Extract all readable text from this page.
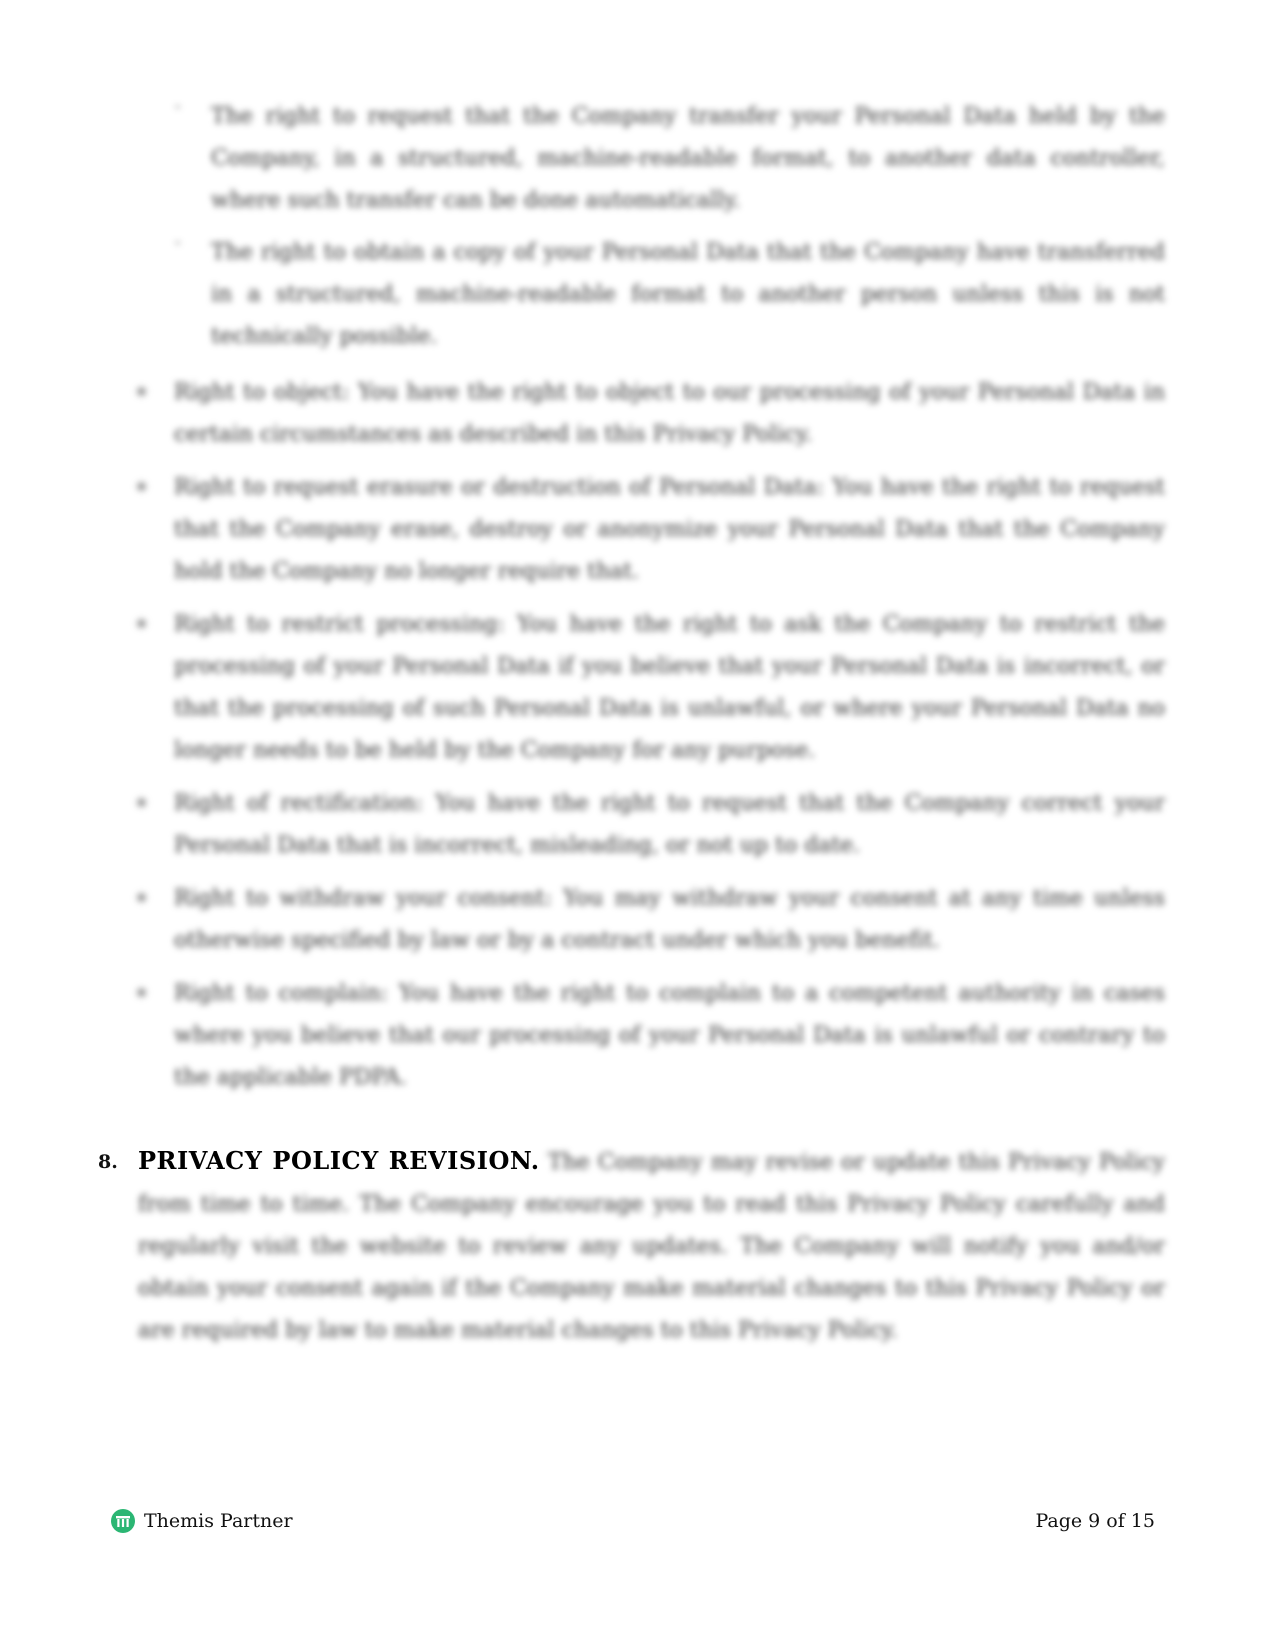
- The right to request that the Company transfer your Personal Data held by the Company, in a structured, machine-readable format, to another data controller, where such transfer can be done automatically.

- The right to obtain a copy of your Personal Data that the Company have transferred in a structured, machine-readable format to another person unless this is not technically possible.

Right to object: You have the right to object to our processing of your Personal Data in certain circumstances as described in this Privacy Policy.

Right to request erasure or destruction of Personal Data: You have the right to request that the Company erase, destroy or anonymize your Personal Data that the Company hold the Company no longer require that.

Right to restrict processing: You have the right to ask the Company to restrict the processing of your Personal Data if you believe that your Personal Data is incorrect, or that the processing of such Personal Data is unlawful, or where your Personal Data no longer needs to be held by the Company for any purpose.

Right of rectification: You have the right to request that the Company correct your Personal Data that is incorrect, misleading, or not up to date.

Right to withdraw your consent: You may withdraw your consent at any time unless otherwise specified by law or by a contract under which you benefit.

Right to complain: You have the right to complain to a competent authority in cases where you believe that our processing of your Personal Data is unlawful or contrary to the applicable PDPA.

8. PRIVACY POLICY REVISION. The Company may revise or update this Privacy Policy from time to time. The Company encourage you to read this Privacy Policy carefully and regularly visit the website to review any updates. The Company will notify you and/or obtain your consent again if the Company make material changes to this Privacy Policy or are required by law to make material changes to this Privacy Policy.
Themis Partner	Page 9 of 15
